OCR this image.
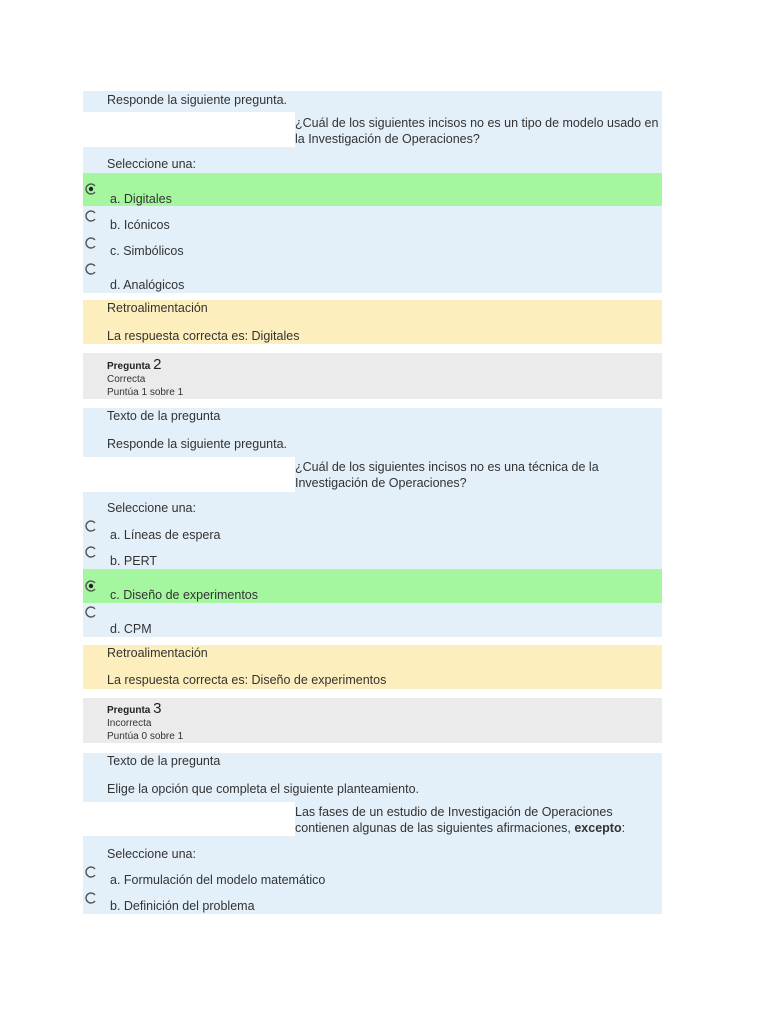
Responde la siguiente pregunta.
¿Cuál de los siguientes incisos no es un tipo de modelo usado en la Investigación de Operaciones?
Seleccione una:
a. Digitales
b. Icónicos
c. Simbólicos
d. Analógicos
Retroalimentación
La respuesta correcta es: Digitales
Pregunta 2
Correcta
Puntúa 1 sobre 1
Texto de la pregunta
Responde la siguiente pregunta.
¿Cuál de los siguientes incisos no es una técnica de la Investigación de Operaciones?
Seleccione una:
a. Líneas de espera
b. PERT
c. Diseño de experimentos
d. CPM
Retroalimentación
La respuesta correcta es: Diseño de experimentos
Pregunta 3
Incorrecta
Puntúa 0 sobre 1
Texto de la pregunta
Elige la opción que completa el siguiente planteamiento.
Las fases de un estudio de Investigación de Operaciones contienen algunas de las siguientes afirmaciones, excepto:
Seleccione una:
a. Formulación del modelo matemático
b. Definición del problema
